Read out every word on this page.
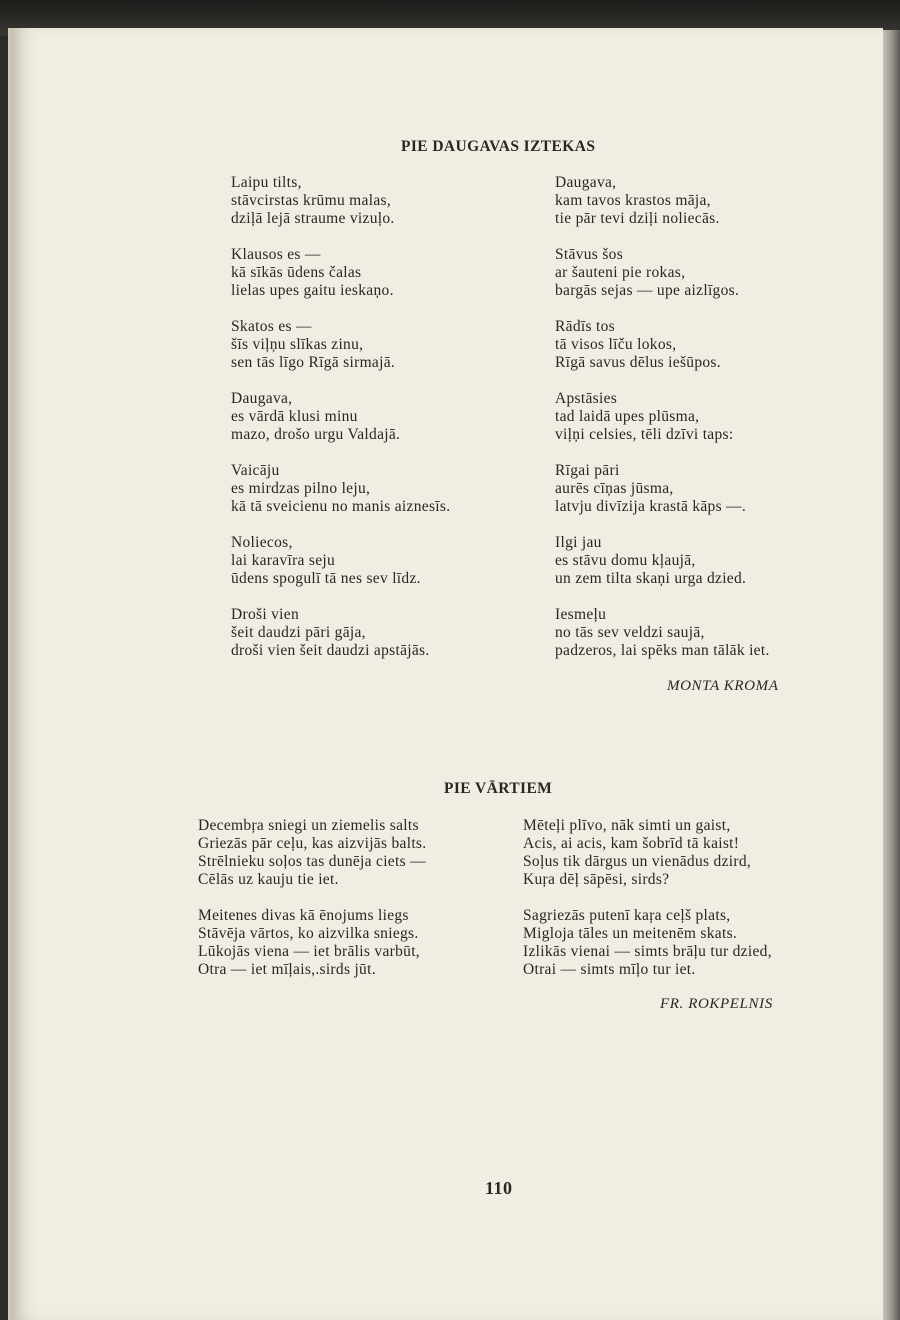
PIE DAUGAVAS IZTEKAS
Laipu tilts,
stāvcirstas krūmu malas,
dziļā lejā straume vizuļo.
Klausos es —
kā sīkās ūdens čalas
lielas upes gaitu ieskaņo.
Skatos es —
šīs viļņu slīkas zinu,
sen tās līgo Rīgā sirmajā.
Daugava,
es vārdā klusi minu
mazo, drošo urgu Valdajā.
Vaicāju
es mirdzas pilno leju,
kā tā sveicienu no manis aiznesīs.
Noliecos,
lai karavīra seju
ūdens spogulī tā nes sev līdz.
Droši vien
šeit daudzi pāri gāja,
droši vien šeit daudzi apstājās.
Daugava,
kam tavos krastos māja,
tie pār tevi dziļi noliecās.
Stāvus šos
ar šauteni pie rokas,
bargās sejas — upe aizlīgos.
Rādīs tos
tā visos līču lokos,
Rīgā savus dēlus iešūpos.
Apstāsies
tad laidā upes plūsma,
viļņi celsies, tēli dzīvi taps:
Rīgai pāri
aurēs cīņas jūsma,
latvju divīzija krastā kāps —.
Ilgi jau
es stāvu domu kļaujā,
un zem tilta skaņi urga dzied.
Iesmeļu
no tās sev veldzi saujā,
padzeros, lai spēks man tālāk iet.
MONTA KROMA
PIE VĀRTIEM
Decembŗa sniegi un ziemelis salts
Griezās pār ceļu, kas aizvijās balts.
Strēlnieku soļos tas dunēja ciets —
Cēlās uz kauju tie iet.
Meitenes divas kā ēnojums liegs
Stāvēja vārtos, ko aizvilka sniegs.
Lūkojās viena — iet brālis varbūt,
Otra — iet mīļais,.sirds jūt.
Mēteļi plīvo, nāk simti un gaist,
Acis, ai acis, kam šobrīd tā kaist!
Soļus tik dārgus un vienādus dzird,
Kuŗa dēļ sāpēsi, sirds?
Sagriezās putenī kaŗa ceļš plats,
Migloja tāles un meitenēm skats.
Izlikās vienai — simts brāļu tur dzied,
Otrai — simts mīļo tur iet.
FR. ROKPELNIS
110
